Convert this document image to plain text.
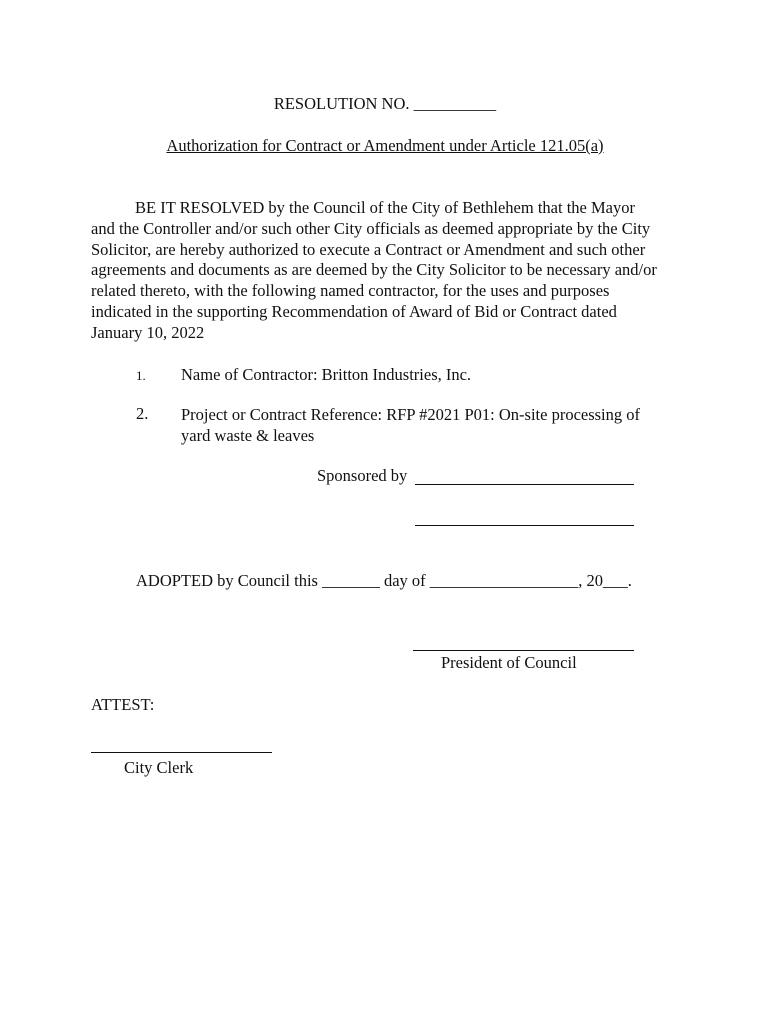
RESOLUTION NO. __________
Authorization for Contract or Amendment under Article 121.05(a)
BE IT RESOLVED by the Council of the City of Bethlehem that the Mayor
and the Controller and/or such other City officials as deemed appropriate by the City
Solicitor, are hereby authorized to execute a Contract or Amendment and such other
agreements and documents as are deemed by the City Solicitor to be necessary and/or
related thereto, with the following named contractor, for the uses and purposes
indicated in the supporting Recommendation of Award of Bid or Contract dated
January 10, 2022
1. Name of Contractor: Britton Industries, Inc.
2. Project or Contract Reference: RFP #2021 P01: On-site processing of
yard waste & leaves
Sponsored by
ADOPTED by Council this _______ day of __________________, 20___.
President of Council
ATTEST:
City Clerk
